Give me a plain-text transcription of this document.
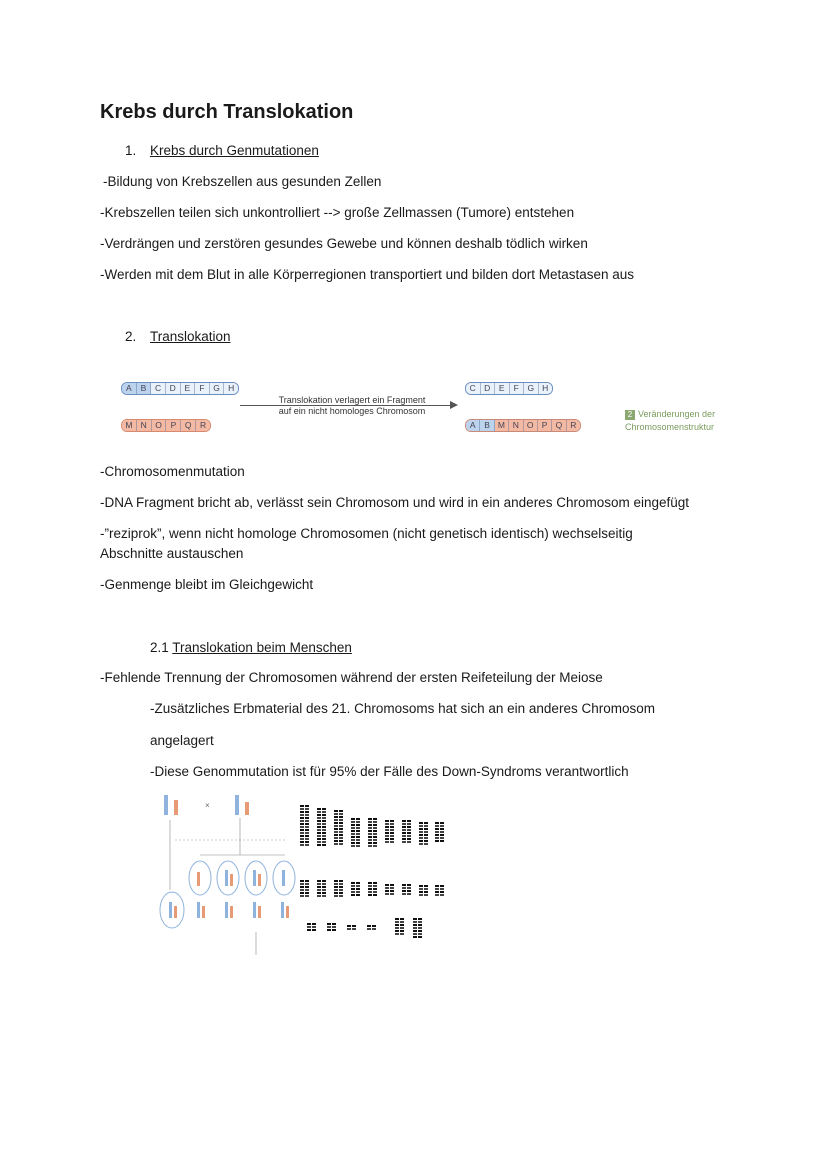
Krebs durch Translokation
1. Krebs durch Genmutationen
-Bildung von Krebszellen aus gesunden Zellen
-Krebszellen teilen sich unkontrolliert --> große Zellmassen (Tumore) entstehen
-Verdrängen und zerstören gesundes Gewebe und können deshalb tödlich wirken
-Werden mit dem Blut in alle Körperregionen transportiert und bilden dort Metastasen aus
2. Translokation
A	B	C D	E	F	G H
M N O	P	Q R
Translokation verlagert ein Fragment
auf ein nicht homologes Chromosom
C D	E	F	G H
A	B M N O P Q R
2 Veränderungen der
Chromosomenstruktur
-Chromosomenmutation
-DNA Fragment bricht ab, verlässt sein Chromosom und wird in ein anderes Chromosom eingefügt
-”reziprok”, wenn nicht homologe Chromosomen (nicht genetisch identisch) wechselseitig
Abschnitte austauschen
-Genmenge bleibt im Gleichgewicht
2.1 Translokation beim Menschen
-Fehlende Trennung der Chromosomen während der ersten Reifeteilung der Meiose
-Zusätzliches Erbmaterial des 21. Chromosoms hat sich an ein anderes Chromosom
angelagert
-Diese Genommutation ist für 95% der Fälle des Down-Syndroms verantwortlich
×
